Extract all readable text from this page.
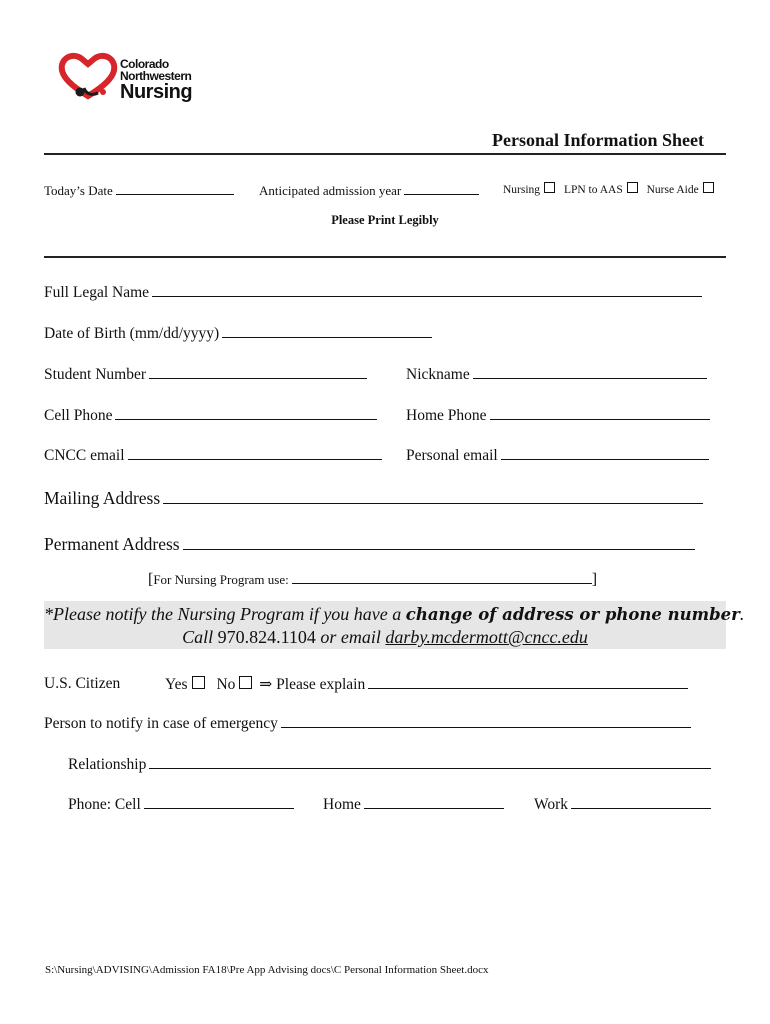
Colorado
Northwestern
Nursing
Personal Information Sheet
Today’s Date	Anticipated admission year	Nursing LPN to AAS Nurse Aide
Please Print Legibly
Full Legal Name
Date of Birth (mm/dd/yyyy)
Student Number	Nickname
Cell Phone	Home Phone
CNCC email	Personal email
Mailing Address
Permanent Address
[For Nursing Program use:	]
*Please notify the Nursing Program if you have a change of address or phone number.
Call 970.824.1104 or email darby.mcdermott@cncc.edu
U.S. Citizen	Yes No ⇒ Please explain
Person to notify in case of emergency
Relationship
Phone: Cell	Home	Work
S:\Nursing\ADVISING\Admission FA18\Pre App Advising docs\C Personal Information Sheet.docx
